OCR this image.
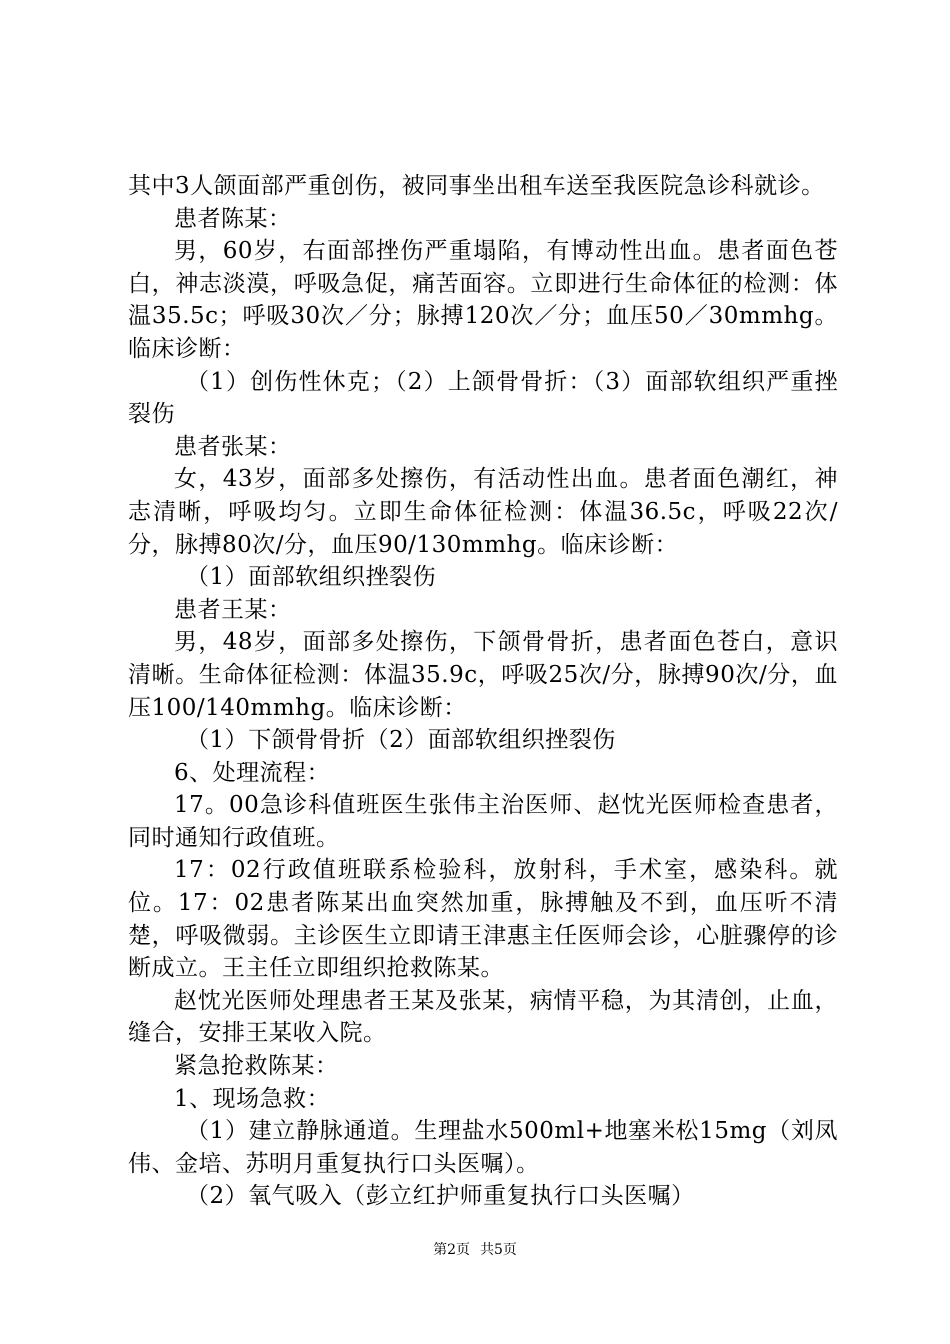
其中3人颌面部严重创伤，被同事坐出租车送至我医院急诊科就诊。

患者陈某：

男，60岁，右面部挫伤严重塌陷，有博动性出血。患者面色苍白，神志淡漠，呼吸急促，痛苦面容。立即进行生命体征的检测：体温35.5c；呼吸30次／分；脉搏120次／分；血压50／30mmhg。临床诊断：

（1）创伤性休克；（2）上颌骨骨折：（3）面部软组织严重挫裂伤

患者张某：

女，43岁，面部多处擦伤，有活动性出血。患者面色潮红，神志清晰，呼吸均匀。立即生命体征检测：体温36.5c，呼吸22次/分，脉搏80次/分，血压90/130mmhg。临床诊断：

（1）面部软组织挫裂伤

患者王某：

男，48岁，面部多处擦伤，下颌骨骨折，患者面色苍白，意识清晰。生命体征检测：体温35.9c，呼吸25次/分，脉搏90次/分，血压100/140mmhg。临床诊断：

（1）下颌骨骨折（2）面部软组织挫裂伤

6、处理流程：

17。00急诊科值班医生张伟主治医师、赵忱光医师检查患者，同时通知行政值班。

17：02行政值班联系检验科，放射科，手术室，感染科。就位。17：02患者陈某出血突然加重，脉搏触及不到，血压听不清楚，呼吸微弱。主诊医生立即请王津惠主任医师会诊，心脏骤停的诊断成立。王主任立即组织抢救陈某。

赵忱光医师处理患者王某及张某，病情平稳，为其清创，止血，缝合，安排王某收入院。

紧急抢救陈某：

1、现场急救：

（1）建立静脉通道。生理盐水500ml+地塞米松15mg（刘凤伟、金培、苏明月重复执行口头医嘱）。

（2）氧气吸入（彭立红护师重复执行口头医嘱）

第2页 共5页
